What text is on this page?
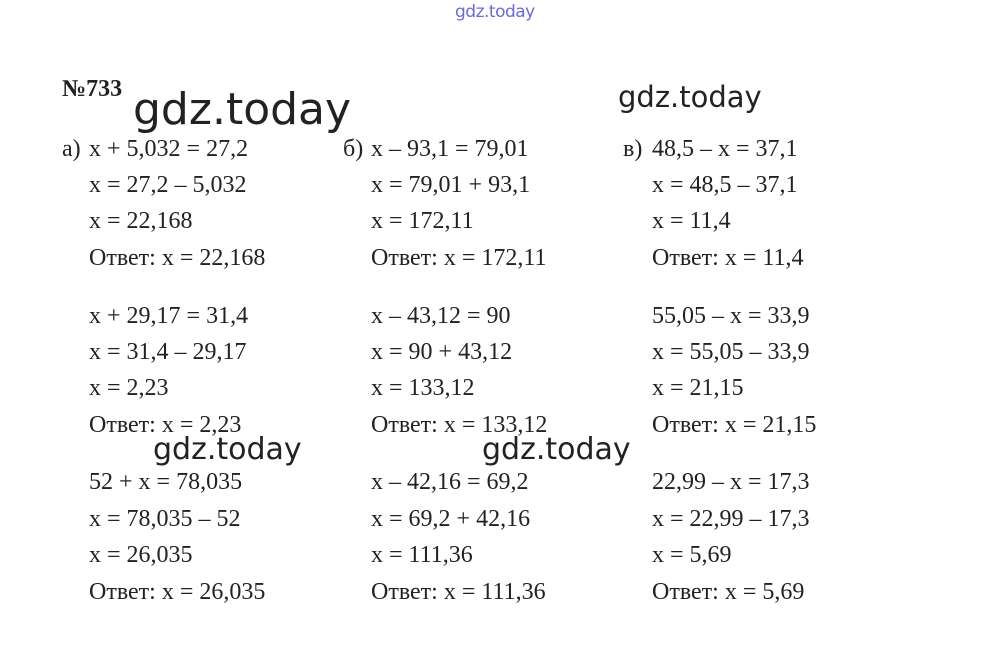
gdz.today
gdz.today	gdz.today
gdz.today	gdz.today
№733
а) x + 5,032 = 27,2
x = 27,2 – 5,032
x = 22,168
Ответ: x = 22,168
x + 29,17 = 31,4
x = 31,4 – 29,17
x = 2,23
Ответ: x = 2,23
52 + x = 78,035
x = 78,035 – 52
x = 26,035
Ответ: x = 26,035
б) x – 93,1 = 79,01
x = 79,01 + 93,1
x = 172,11
Ответ: x = 172,11
x – 43,12 = 90
x = 90 + 43,12
x = 133,12
Ответ: x = 133,12
x – 42,16 = 69,2
x = 69,2 + 42,16
x = 111,36
Ответ: x = 111,36
в) 48,5 – x = 37,1
x = 48,5 – 37,1
x = 11,4
Ответ: x = 11,4
55,05 – x = 33,9
x = 55,05 – 33,9
x = 21,15
Ответ: x = 21,15
22,99 – x = 17,3
x = 22,99 – 17,3
x = 5,69
Ответ: x = 5,69
